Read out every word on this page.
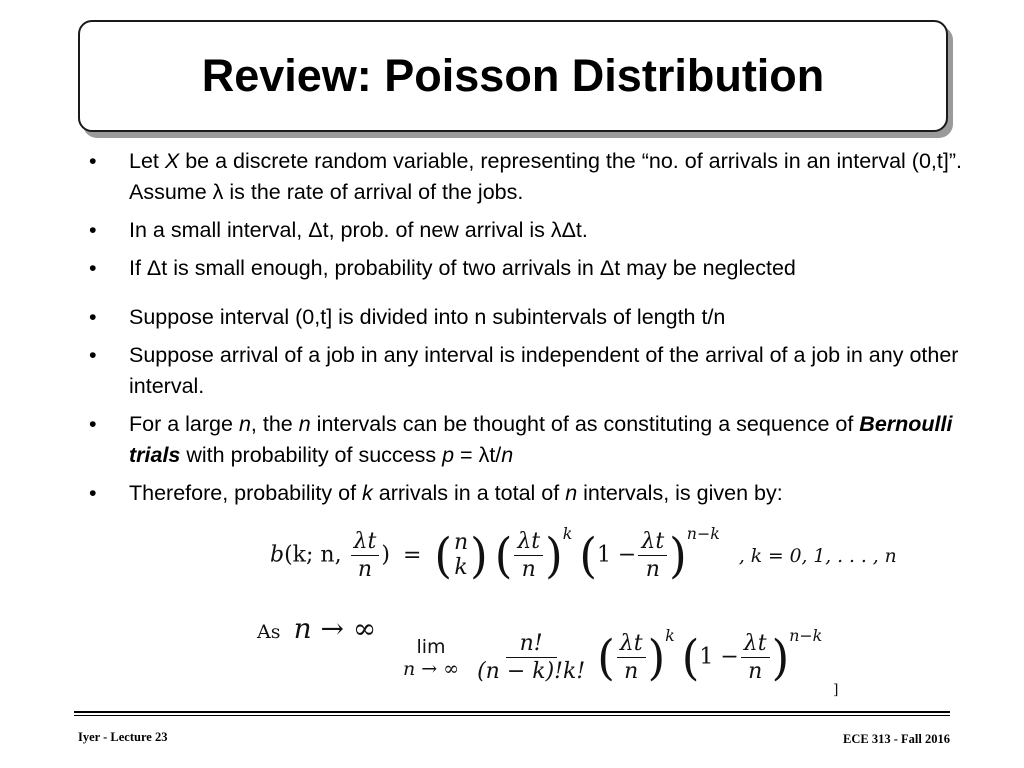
Review: Poisson Distribution
•	Let X be a discrete random variable, representing the “no. of arrivals in an interval (0,t]”. Assume λ is the rate of arrival of the jobs.
•	In a small interval, Δt, prob. of new arrival is λΔt.
•	If Δt is small enough, probability of two arrivals in Δt may be neglected
•	Suppose interval (0,t] is divided into n subintervals of length t/n
•	Suppose arrival of a job in any interval is independent of the arrival of a job in any other interval.
•	For a large n, the n intervals can be thought of as constituting a sequence of Bernoulli trials with probability of success p = λt/n
•	Therefore, probability of k arrivals in a total of n intervals, is given by:
b(k; n, $\frac{\lambda t}{n}$ ) = ( n
k ) ( $\frac{\lambda t}{n} )^k$ $(1 - \frac{\lambda t}{n} )^{n-k}$ , k = 0, 1, . . . , n
As n → ∞
lim
n → ∞
$\frac{n!}{(n - k)!k!}$ ( $\frac{\lambda t}{n} )^k$ $(1 - \frac{\lambda t}{n} )^{n-k}$
]
Iyer - Lecture 23	ECE 313 - Fall 2016
